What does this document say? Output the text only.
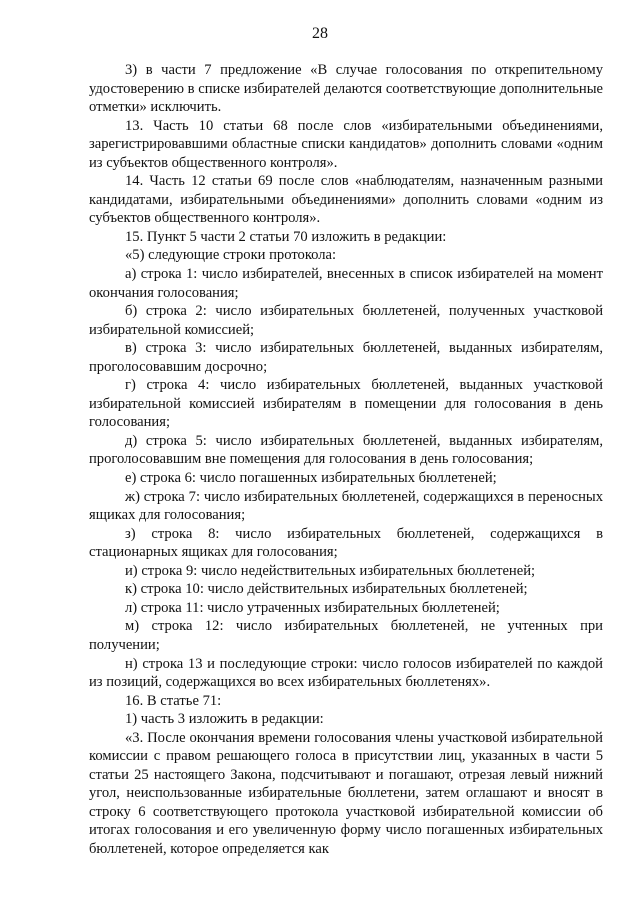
28

3) в части 7 предложение «В случае голосования по открепительному удостоверению в списке избирателей делаются соответствующие дополнительные отметки» исключить.

13. Часть 10 статьи 68 после слов «избирательными объединениями, зарегистрировавшими областные списки кандидатов» дополнить словами «одним из субъектов общественного контроля».

14. Часть 12 статьи 69 после слов «наблюдателям, назначенным разными кандидатами, избирательными объединениями» дополнить словами «одним из субъектов общественного контроля».

15. Пункт 5 части 2 статьи 70 изложить в редакции:

«5) следующие строки протокола:

а) строка 1: число избирателей, внесенных в список избирателей на момент окончания голосования;

б) строка 2: число избирательных бюллетеней, полученных участковой избирательной комиссией;

в) строка 3: число избирательных бюллетеней, выданных избирателям, проголосовавшим досрочно;

г) строка 4: число избирательных бюллетеней, выданных участковой избирательной комиссией избирателям в помещении для голосования в день голосования;

д) строка 5: число избирательных бюллетеней, выданных избирателям, проголосовавшим вне помещения для голосования в день голосования;

е) строка 6: число погашенных избирательных бюллетеней;

ж) строка 7: число избирательных бюллетеней, содержащихся в переносных ящиках для голосования;

з) строка 8: число избирательных бюллетеней, содержащихся в стационарных ящиках для голосования;

и) строка 9: число недействительных избирательных бюллетеней;

к) строка 10: число действительных избирательных бюллетеней;

л) строка 11: число утраченных избирательных бюллетеней;

м) строка 12: число избирательных бюллетеней, не учтенных при получении;

н) строка 13 и последующие строки: число голосов избирателей по каждой из позиций, содержащихся во всех избирательных бюллетенях».

16. В статье 71:

1) часть 3 изложить в редакции:

«3. После окончания времени голосования члены участковой избирательной комиссии с правом решающего голоса в присутствии лиц, указанных в части 5 статьи 25 настоящего Закона, подсчитывают и погашают, отрезая левый нижний угол, неиспользованные избирательные бюллетени, затем оглашают и вносят в строку 6 соответствующего протокола участковой избирательной комиссии об итогах голосования и его увеличенную форму число погашенных избирательных бюллетеней, которое определяется как
